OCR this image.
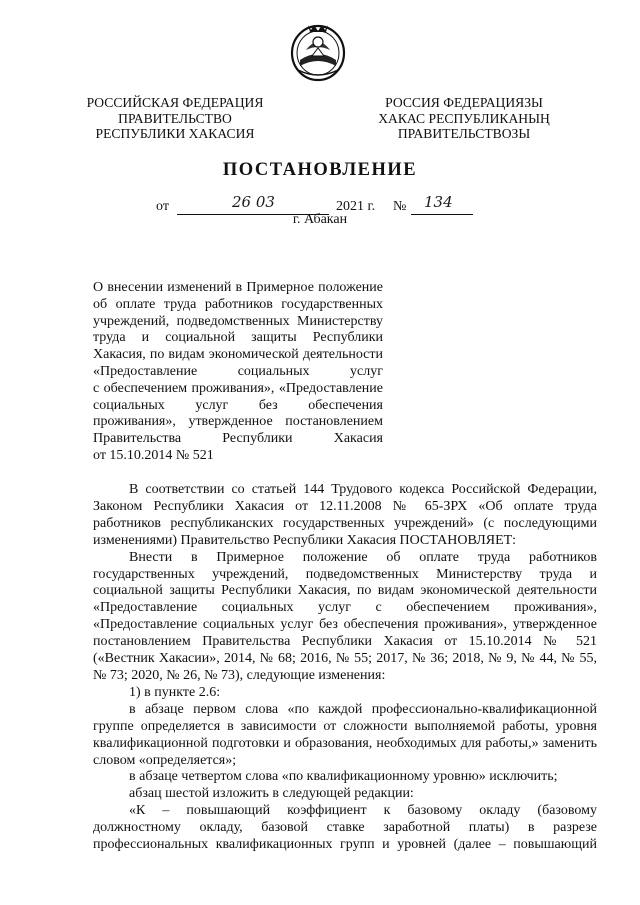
РОССИЙСКАЯ ФЕДЕРАЦИЯ
ПРАВИТЕЛЬСТВО
РЕСПУБЛИКИ ХАКАСИЯ
РОССИЯ ФЕДЕРАЦИЯЗЫ
ХАКАС РЕСПУБЛИКАНЫҢ
ПРАВИТЕЛЬСТВОЗЫ
ПОСТАНОВЛЕНИЕ
от	26 03	2021 г. № 134
г. Абакан
О внесении изменений в Примерное положение
об оплате труда работников государственных
учреждений, подведомственных Министерству
труда и социальной защиты Республики
Хакасия, по видам экономической деятельности
«Предоставление социальных услуг
с обеспечением проживания», «Предоставление
социальных услуг без обеспечения
проживания», утвержденное постановлением
Правительства Республики Хакасия
от 15.10.2014 № 521
В соответствии со статьей 144 Трудового кодекса Российской Федерации,
Законом Республики Хакасия от 12.11.2008 № 65-ЗРХ «Об оплате труда
работников республиканских государственных учреждений» (с последующими
изменениями) Правительство Республики Хакасия ПОСТАНОВЛЯЕТ:
Внести в Примерное положение об оплате труда работников
государственных учреждений, подведомственных Министерству труда и
социальной защиты Республики Хакасия, по видам экономической деятельности
«Предоставление социальных услуг с обеспечением проживания»,
«Предоставление социальных услуг без обеспечения проживания», утвержденное
постановлением Правительства Республики Хакасия от 15.10.2014 № 521
(«Вестник Хакасии», 2014, № 68; 2016, № 55; 2017, № 36; 2018, № 9, № 44, № 55,
№ 73; 2020, № 26, № 73), следующие изменения:
1) в пункте 2.6:
в абзаце первом слова «по каждой профессионально-квалификационной
группе определяется в зависимости от сложности выполняемой работы, уровня
квалификационной подготовки и образования, необходимых для работы,» заменить
словом «определяется»;
в абзаце четвертом слова «по квалификационному уровню» исключить;
абзац шестой изложить в следующей редакции:
«К – повышающий коэффициент к базовому окладу (базовому
должностному окладу, базовой ставке заработной платы) в разрезе
профессиональных квалификационных групп и уровней (далее – повышающий
